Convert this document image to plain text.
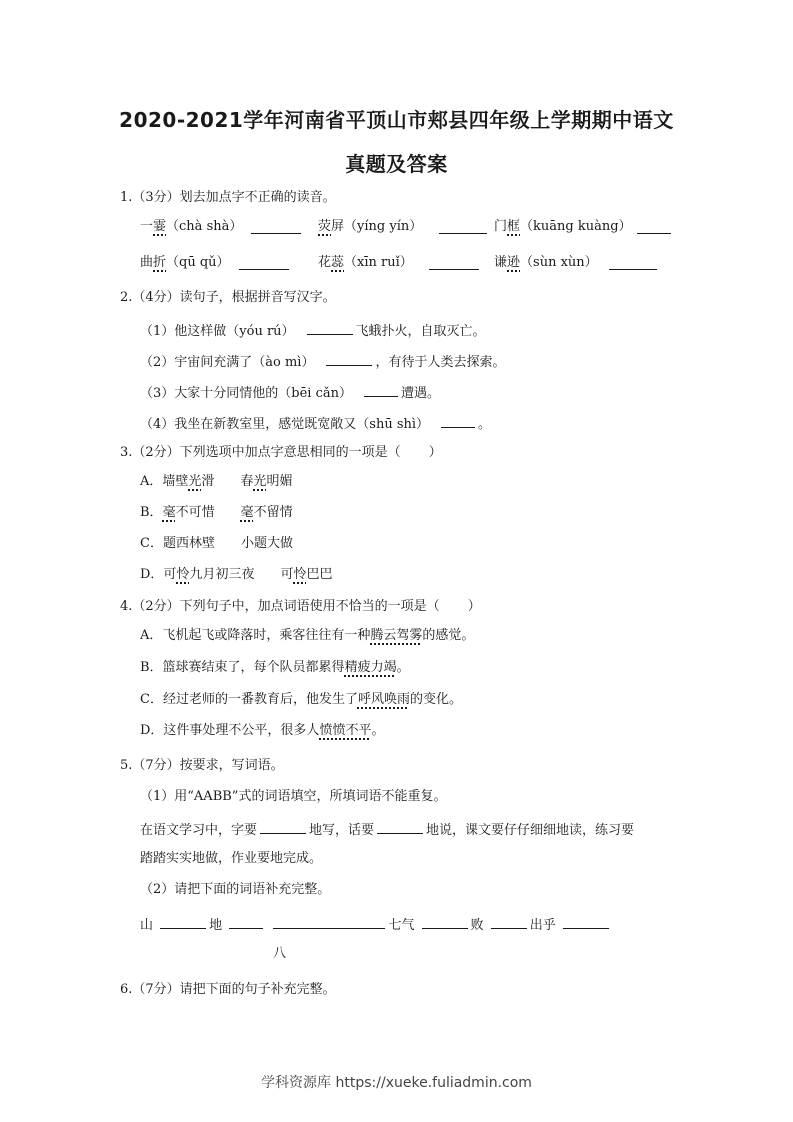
2020-2021学年河南省平顶山市郏县四年级上学期期中语文
真题及答案
1.（3分）划去加点字不正确的读音。
一霎（chà shà）	荧屏（yíng yín）	门框（kuāng kuàng）
曲折（qū qǔ）	花蕊（xīn ruǐ）	谦逊（sùn xùn）
2.（4分）读句子，根据拼音写汉字。
（1）他这样做（yóu rú）	飞蛾扑火，自取灭亡。
（2）宇宙间充满了（ào mì）	，有待于人类去探索。
（3）大家十分同情他的（bēi cǎn）	遭遇。
（4）我坐在新教室里，感觉既宽敞又（shū shì）	。
3.（2分）下列选项中加点字意思相同的一项是（ ）
A．墙壁光滑　　春光明媚
B．毫不可惜　　毫不留情
C．题西林壁　　小题大做
D．可怜九月初三夜　　可怜巴巴
4.（2分）下列句子中，加点词语使用不恰当的一项是（ ）
A．飞机起飞或降落时，乘客往往有一种腾云驾雾的感觉。
B．篮球赛结束了，每个队员都累得精疲力竭。
C．经过老师的一番教育后，他发生了呼风唤雨的变化。
D．这件事处理不公平，很多人愤愤不平。
5.（7分）按要求，写词语。
（1）用“AABB”式的词语填空，所填词语不能重复。
在语文学习中，字要	地写，话要	地说，课文要仔仔细细地读，练习要
踏踏实实地做，作业要地完成。
（2）请把下面的词语补充完整。
山	地	七气	败	出乎
八
6.（7分）请把下面的句子补充完整。
学科资源库 https://xueke.fuliadmin.com
